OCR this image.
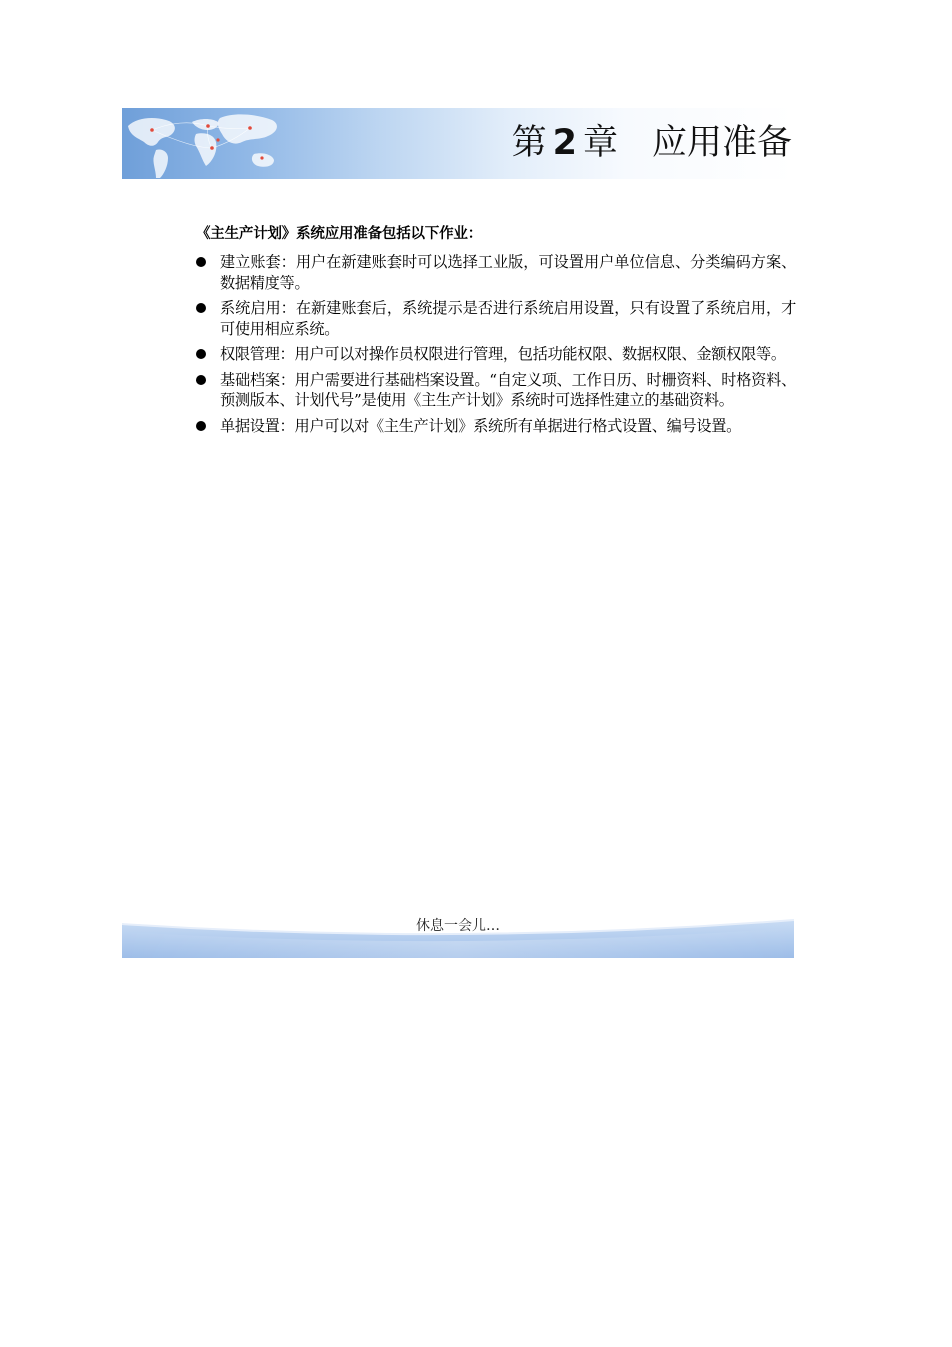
第 2 章 应用准备

《主生产计划》系统应用准备包括以下作业：

建立账套：用户在新建账套时可以选择工业版，可设置用户单位信息、分类编码方案、数据精度等。
系统启用：在新建账套后，系统提示是否进行系统启用设置，只有设置了系统启用，才可使用相应系统。
权限管理：用户可以对操作员权限进行管理，包括功能权限、数据权限、金额权限等。
基础档案：用户需要进行基础档案设置。“自定义项、工作日历、时栅资料、时格资料、预测版本、计划代号”是使用《主生产计划》系统时可选择性建立的基础资料。
单据设置：用户可以对《主生产计划》系统所有单据进行格式设置、编号设置。
休息一会儿…
